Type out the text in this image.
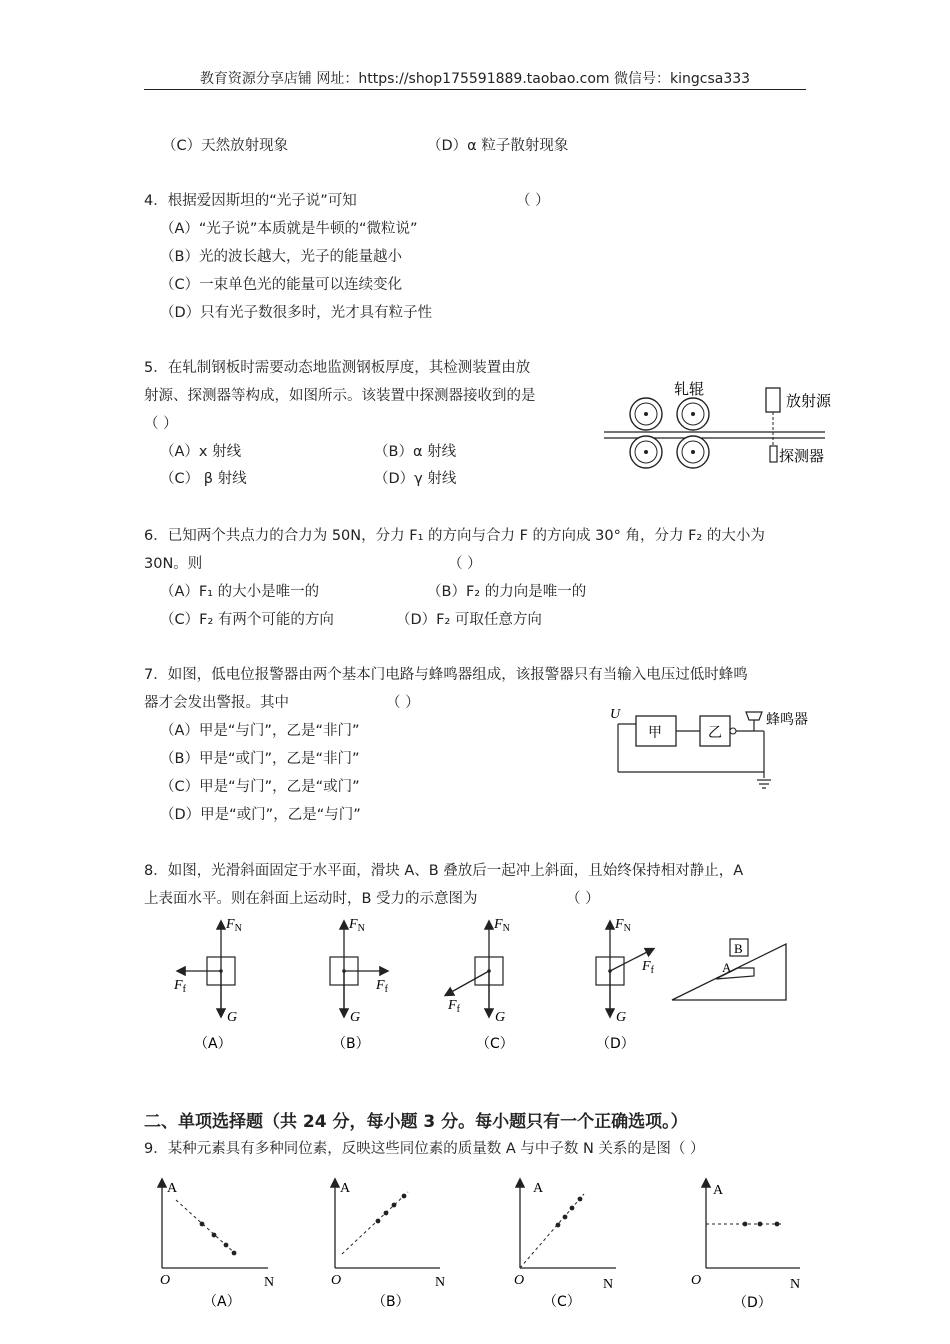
教育资源分享店铺 网址：https://shop175591889.taobao.com 微信号：kingcsa333
（C）天然放射现象	（D）α 粒子散射现象
4．根据爱因斯坦的“光子说”可知	（ ）
（A）“光子说”本质就是牛顿的“微粒说”
（B）光的波长越大，光子的能量越小
（C）一束单色光的能量可以连续变化
（D）只有光子数很多时，光才具有粒子性
5．在轧制钢板时需要动态地监测钢板厚度，其检测装置由放
射源、探测器等构成，如图所示。该装置中探测器接收到的是
（ ）
（A）x 射线	（B）α 射线
（C） β 射线	（D）γ 射线
轧辊
放射源
探测器
6．已知两个共点力的合力为 50N，分力 F₁ 的方向与合力 F 的方向成 30° 角，分力 F₂ 的大小为
30N。则	（ ）
（A）F₁ 的大小是唯一的	（B）F₂ 的力向是唯一的
（C）F₂ 有两个可能的方向	（D）F₂ 可取任意方向
7．如图，低电位报警器由两个基本门电路与蜂鸣器组成，该报警器只有当输入电压过低时蜂鸣
器才会发出警报。其中	（ ）
（A）甲是“与门”，乙是“非门”
（B）甲是“或门”，乙是“非门”
（C）甲是“与门”，乙是“或门”
（D）甲是“或门”，乙是“与门”
U
甲	乙
蜂鸣器
8．如图，光滑斜面固定于水平面，滑块 A、B 叠放后一起冲上斜面，且始终保持相对静止，A
上表面水平。则在斜面上运动时，B 受力的示意图为	（ ）
$F_N$
$F_f$
G
（A）
$F_N$
$F_f$
G
（B）
$F_N$
$F_f$
G
（C）
$F_N$
$F_f$
G
（D）
A
B
二、单项选择题（共 24 分，每小题 3 分。每小题只有一个正确选项。）
9．某种元素具有多种同位素，反映这些同位素的质量数 A 与中子数 N 关系的是图（ ）
A
N
O
（A）
A
N
O
（B）
A
N
O
（C）
A
N
O
（D）
